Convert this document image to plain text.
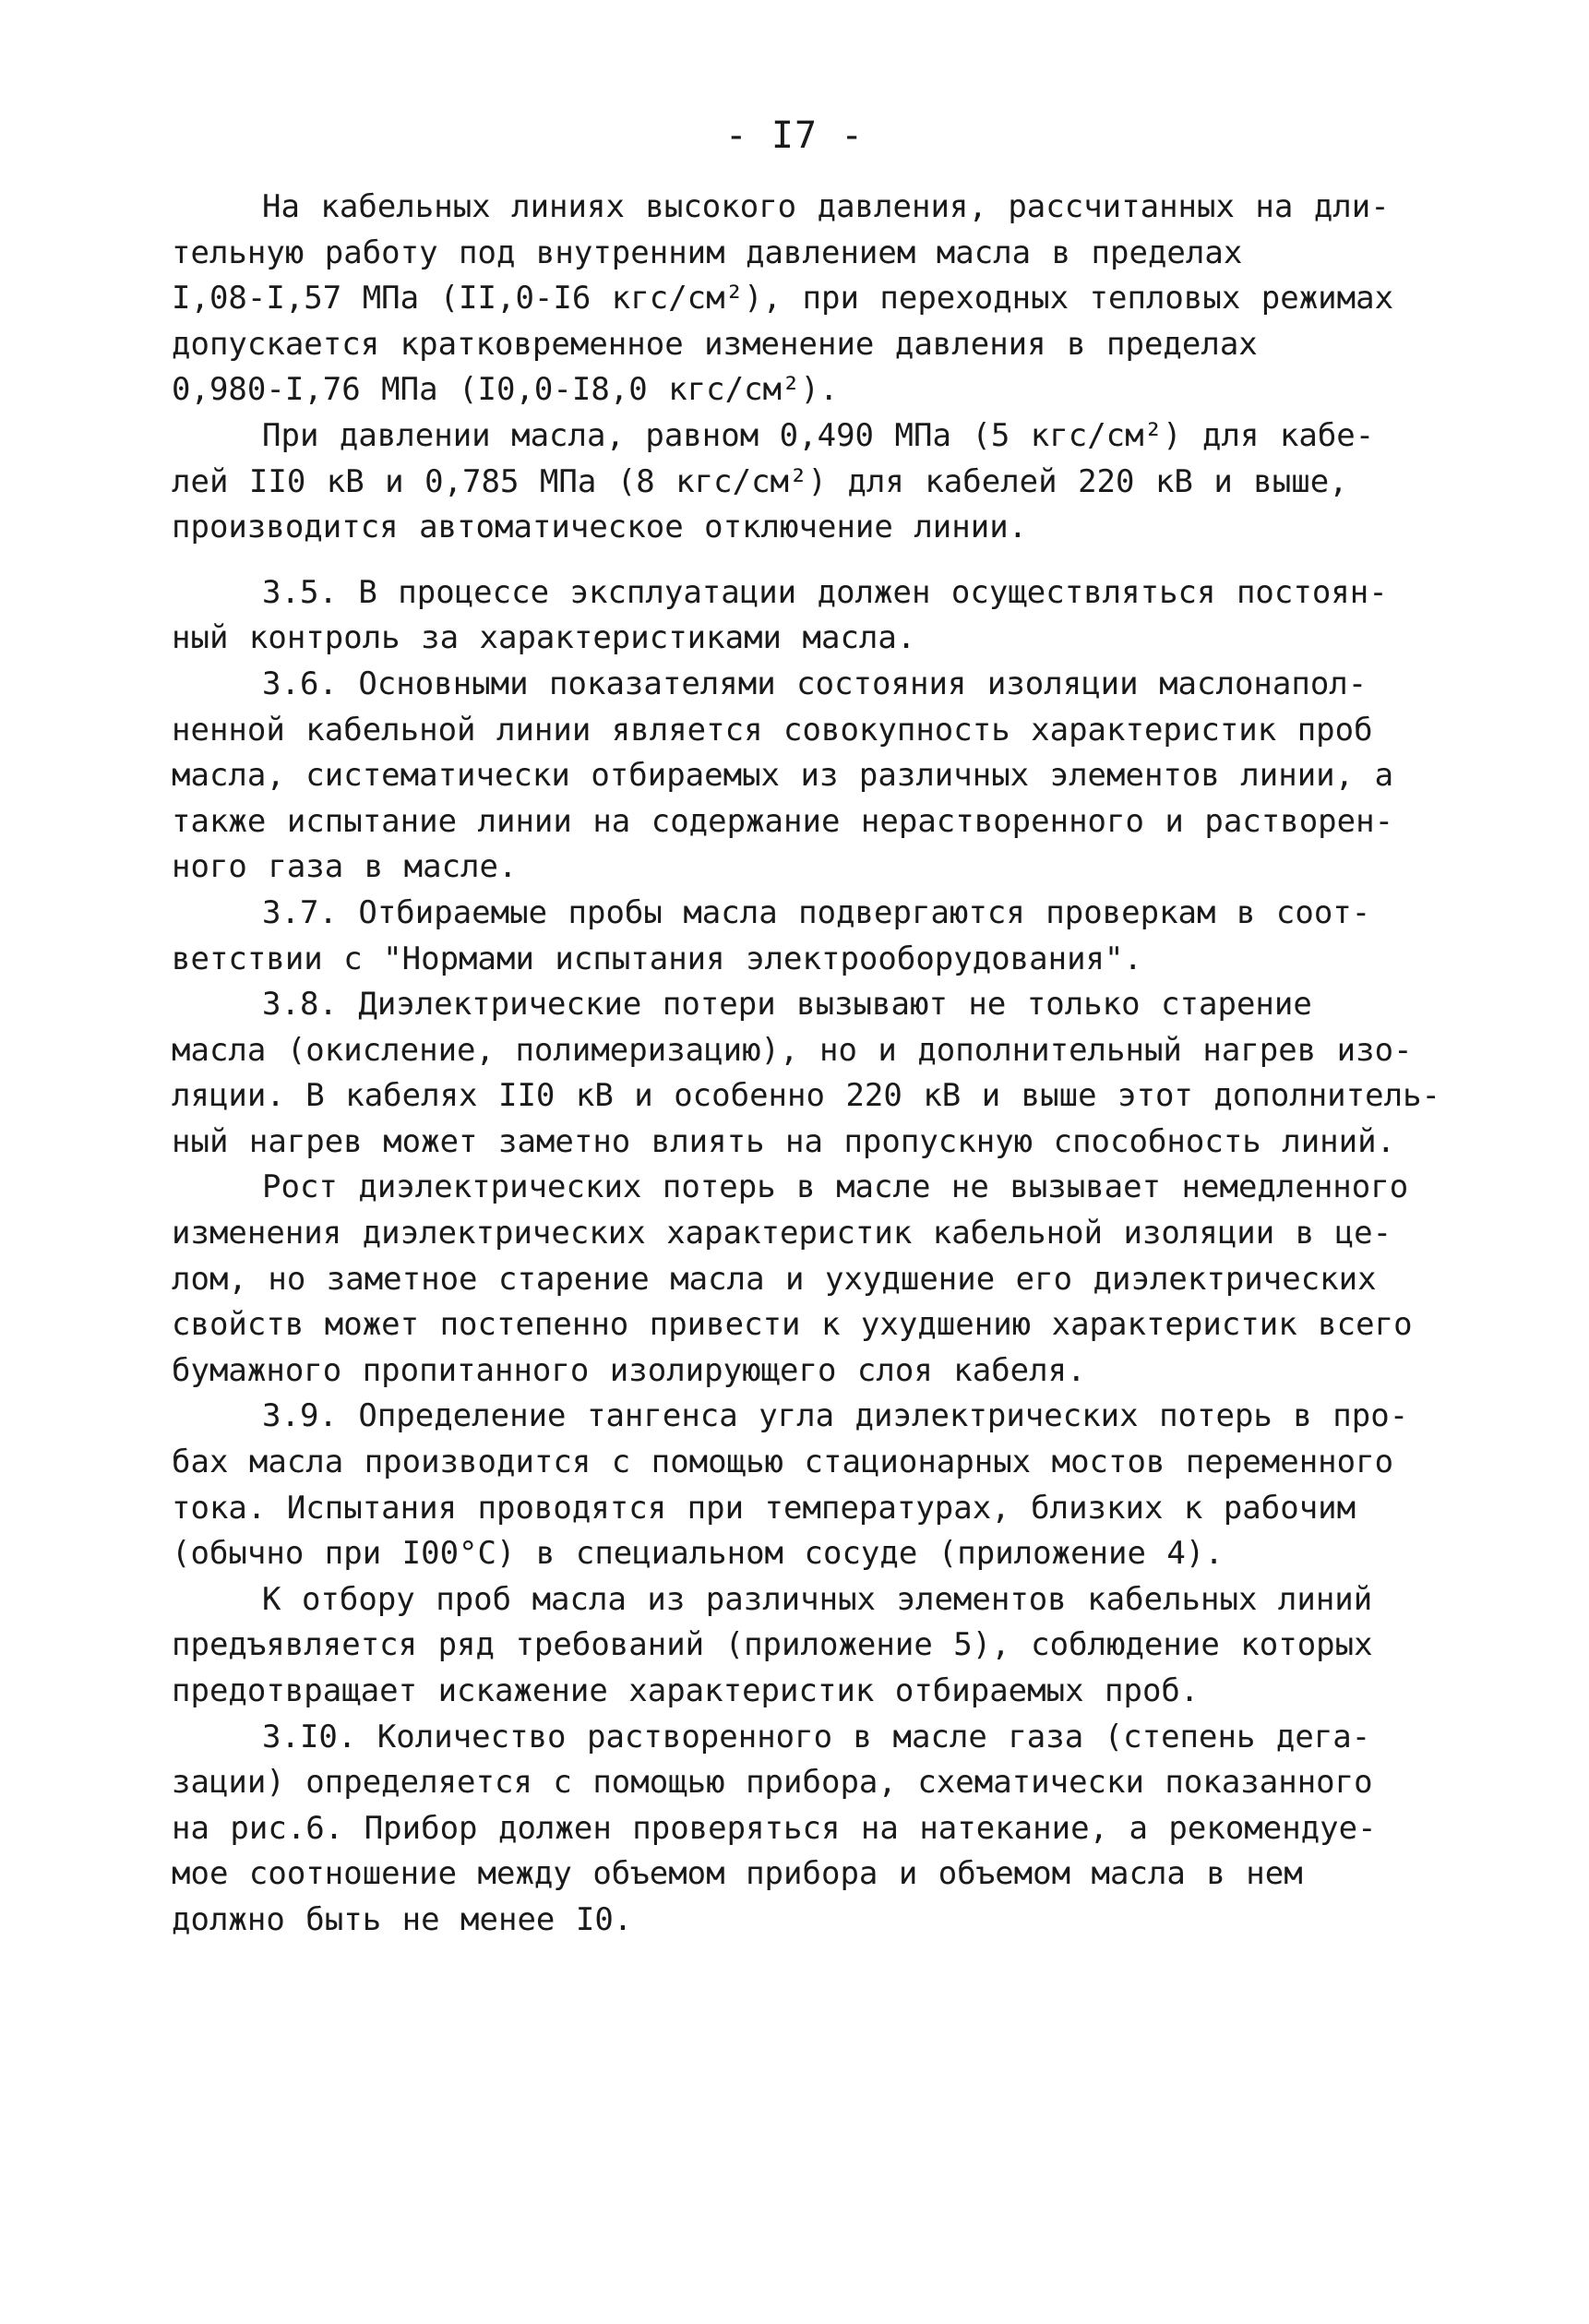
- I7 -

На кабельных линиях высокого давления, рассчитанных на дли-
тельную работу под внутренним давлением масла в пределах
I,08-I,57 МПа (II,0-I6 кгс/см²), при переходных тепловых режимах
допускается кратковременное изменение давления в пределах
0,980-I,76 МПа (I0,0-I8,0 кгс/см²).

При давлении масла, равном 0,490 МПа (5 кгс/см²) для кабе-
лей II0 кВ и 0,785 МПа (8 кгс/см²) для кабелей 220 кВ и выше,
производится автоматическое отключение линии.

3.5. В процессе эксплуатации должен осуществляться постоян-
ный контроль за характеристиками масла.

3.6. Основными показателями состояния изоляции маслонапол-
ненной кабельной линии является совокупность характеристик проб
масла, систематически отбираемых из различных элементов линии, а
также испытание линии на содержание нерастворенного и растворен-
ного газа в масле.

3.7. Отбираемые пробы масла подвергаются проверкам в соот-
ветствии с "Нормами испытания электрооборудования".

3.8. Диэлектрические потери вызывают не только старение
масла (окисление, полимеризацию), но и дополнительный нагрев изо-
ляции. В кабелях II0 кВ и особенно 220 кВ и выше этот дополнитель-
ный нагрев может заметно влиять на пропускную способность линий.

Рост диэлектрических потерь в масле не вызывает немедленного
изменения диэлектрических характеристик кабельной изоляции в це-
лом, но заметное старение масла и ухудшение его диэлектрических
свойств может постепенно привести к ухудшению характеристик всего
бумажного пропитанного изолирующего слоя кабеля.

3.9. Определение тангенса угла диэлектрических потерь в про-
бах масла производится с помощью стационарных мостов переменного
тока. Испытания проводятся при температурах, близких к рабочим
(обычно при I00°С) в специальном сосуде (приложение 4).

К отбору проб масла из различных элементов кабельных линий
предъявляется ряд требований (приложение 5), соблюдение которых
предотвращает искажение характеристик отбираемых проб.

3.I0. Количество растворенного в масле газа (степень дега-
зации) определяется с помощью прибора, схематически показанного
на рис.6. Прибор должен проверяться на натекание, а рекомендуе-
мое соотношение между объемом прибора и объемом масла в нем
должно быть не менее I0.
